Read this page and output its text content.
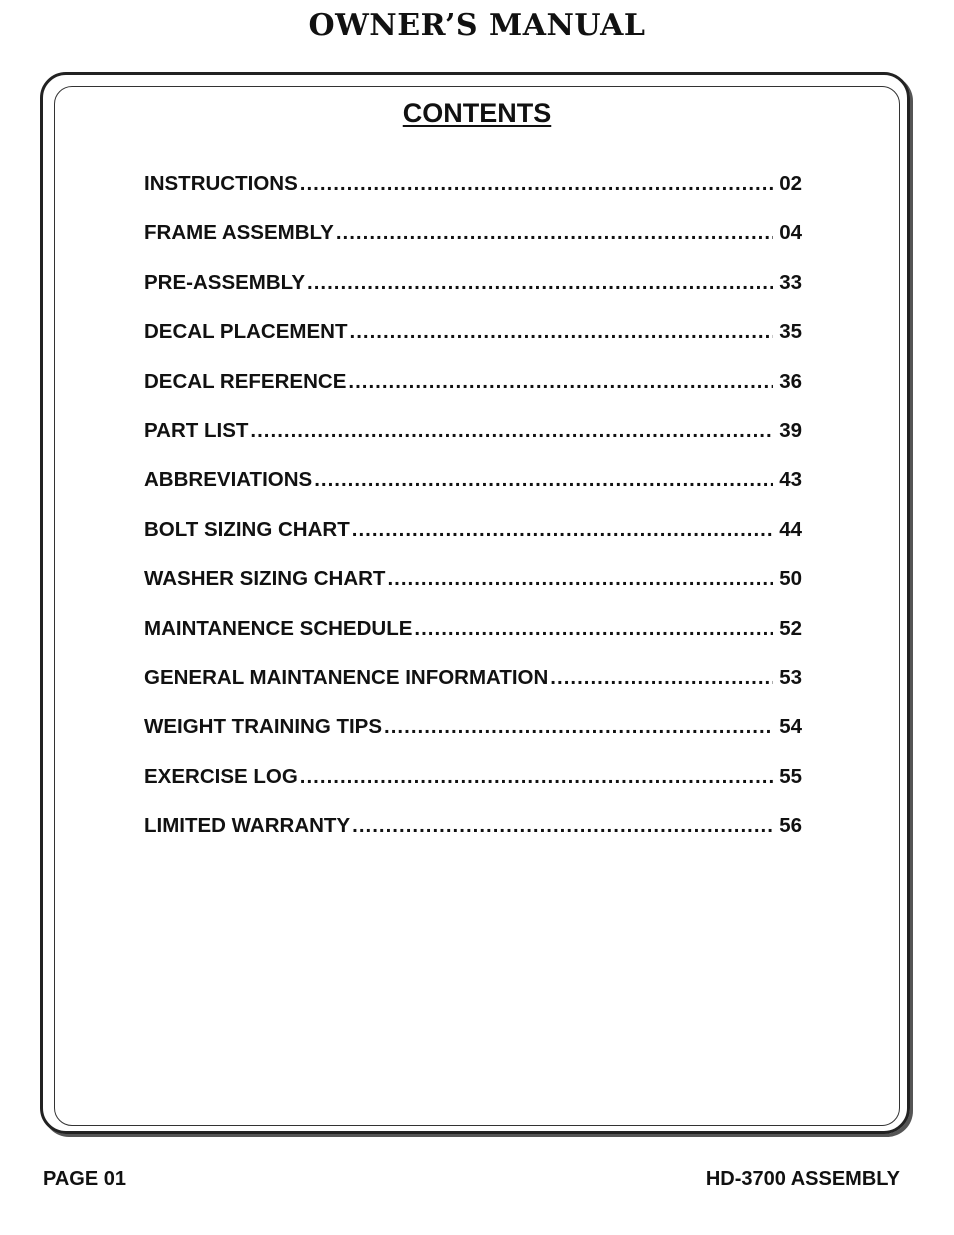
OWNER’S MANUAL
CONTENTS
INSTRUCTIONS .....	02
FRAME ASSEMBLY .....	04
PRE-ASSEMBLY .....	33
DECAL PLACEMENT .....	35
DECAL REFERENCE .....	36
PART LIST .....	39
ABBREVIATIONS .....	43
BOLT SIZING CHART .....	44
WASHER SIZING CHART .....	50
MAINTANENCE SCHEDULE .....	52
GENERAL MAINTANENCE INFORMATION .....	53
WEIGHT TRAINING TIPS .....	54
EXERCISE LOG .....	55
LIMITED WARRANTY .....	56
PAGE 01	HD-3700 ASSEMBLY
